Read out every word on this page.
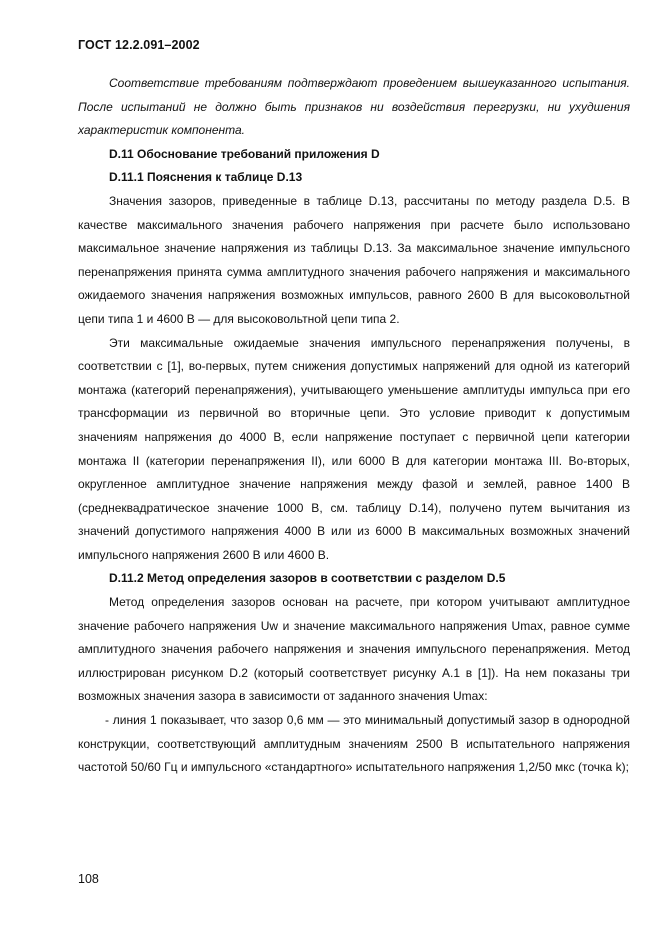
ГОСТ 12.2.091–2002

Соответствие требованиям подтверждают проведением вышеуказанного испытания. После испытаний не должно быть признаков ни воздействия перегрузки, ни ухудшения характеристик компонента.

D.11 Обоснование требований приложения D

D.11.1 Пояснения к таблице D.13

Значения зазоров, приведенные в таблице D.13, рассчитаны по методу раздела D.5. В качестве максимального значения рабочего напряжения при расчете было использовано максимальное значение напряжения из таблицы D.13. За максимальное значение импульсного перенапряжения принята сумма амплитудного значения рабочего напряжения и максимального ожидаемого значения напряжения возможных импульсов, равного 2600 В для высоковольтной цепи типа 1 и 4600 В — для высоковольтной цепи типа 2.

Эти максимальные ожидаемые значения импульсного перенапряжения получены, в соответствии с [1], во-первых, путем снижения допустимых напряжений для одной из категорий монтажа (категорий перенапряжения), учитывающего уменьшение амплитуды импульса при его трансформации из первичной во вторичные цепи. Это условие приводит к допустимым значениям напряжения до 4000 В, если напряжение поступает с первичной цепи категории монтажа II (категории перенапряжения II), или 6000 В для категории монтажа III. Во-вторых, округленное амплитудное значение напряжения между фазой и землей, равное 1400 В (среднеквадратическое значение 1000 В, см. таблицу D.14), получено путем вычитания из значений допустимого напряжения 4000 В или из 6000 В максимальных возможных значений импульсного напряжения 2600 В или 4600 В.

D.11.2 Метод определения зазоров в соответствии с разделом D.5

Метод определения зазоров основан на расчете, при котором учитывают амплитудное значение рабочего напряжения Uw и значение максимального напряжения Umax, равное сумме амплитудного значения рабочего напряжения и значения импульсного перенапряжения. Метод иллюстрирован рисунком D.2 (который соответствует рисунку A.1 в [1]). На нем показаны три возможных значения зазора в зависимости от заданного значения Umax:

- линия 1 показывает, что зазор 0,6 мм — это минимальный допустимый зазор в однородной конструкции, соответствующий амплитудным значениям 2500 В испытательного напряжения частотой 50/60 Гц и импульсного «стандартного» испытательного напряжения 1,2/50 мкс (точка k);

108
